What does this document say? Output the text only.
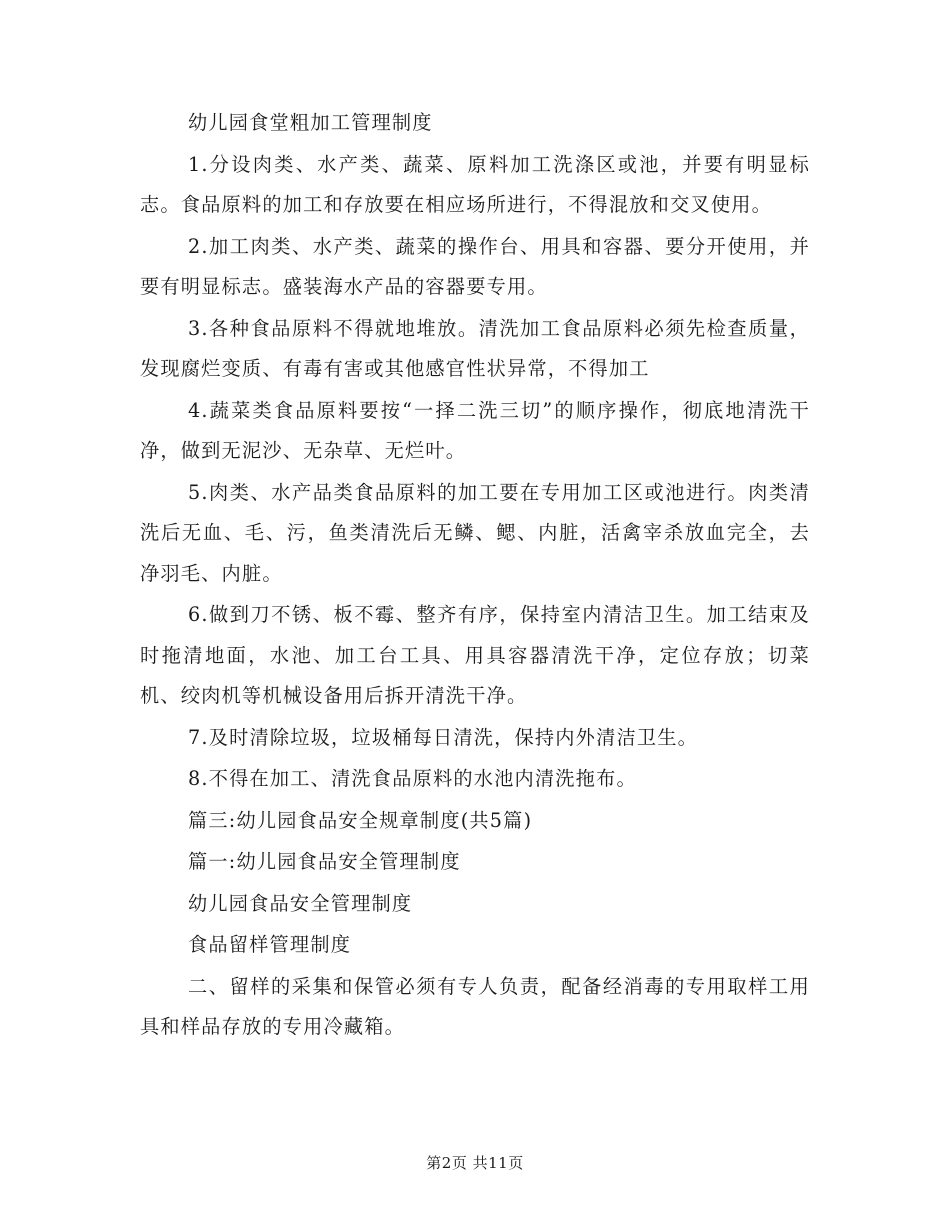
幼儿园食堂粗加工管理制度

1.分设肉类、水产类、蔬菜、原料加工洗涤区或池，并要有明显标志。食品原料的加工和存放要在相应场所进行，不得混放和交叉使用。

2.加工肉类、水产类、蔬菜的操作台、用具和容器、要分开使用，并要有明显标志。盛装海水产品的容器要专用。

3.各种食品原料不得就地堆放。清洗加工食品原料必须先检查质量，发现腐烂变质、有毒有害或其他感官性状异常，不得加工

4.蔬菜类食品原料要按“一择二洗三切”的顺序操作，彻底地清洗干净，做到无泥沙、无杂草、无烂叶。

5.肉类、水产品类食品原料的加工要在专用加工区或池进行。肉类清洗后无血、毛、污，鱼类清洗后无鳞、鳃、内脏，活禽宰杀放血完全，去净羽毛、内脏。

6.做到刀不锈、板不霉、整齐有序，保持室内清洁卫生。加工结束及时拖清地面，水池、加工台工具、用具容器清洗干净，定位存放；切菜机、绞肉机等机械设备用后拆开清洗干净。

7.及时清除垃圾，垃圾桶每日清洗，保持内外清洁卫生。

8.不得在加工、清洗食品原料的水池内清洗拖布。

篇三:幼儿园食品安全规章制度(共5篇)

篇一:幼儿园食品安全管理制度

幼儿园食品安全管理制度

食品留样管理制度

二、留样的采集和保管必须有专人负责，配备经消毒的专用取样工用具和样品存放的专用冷藏箱。

第2页 共11页
